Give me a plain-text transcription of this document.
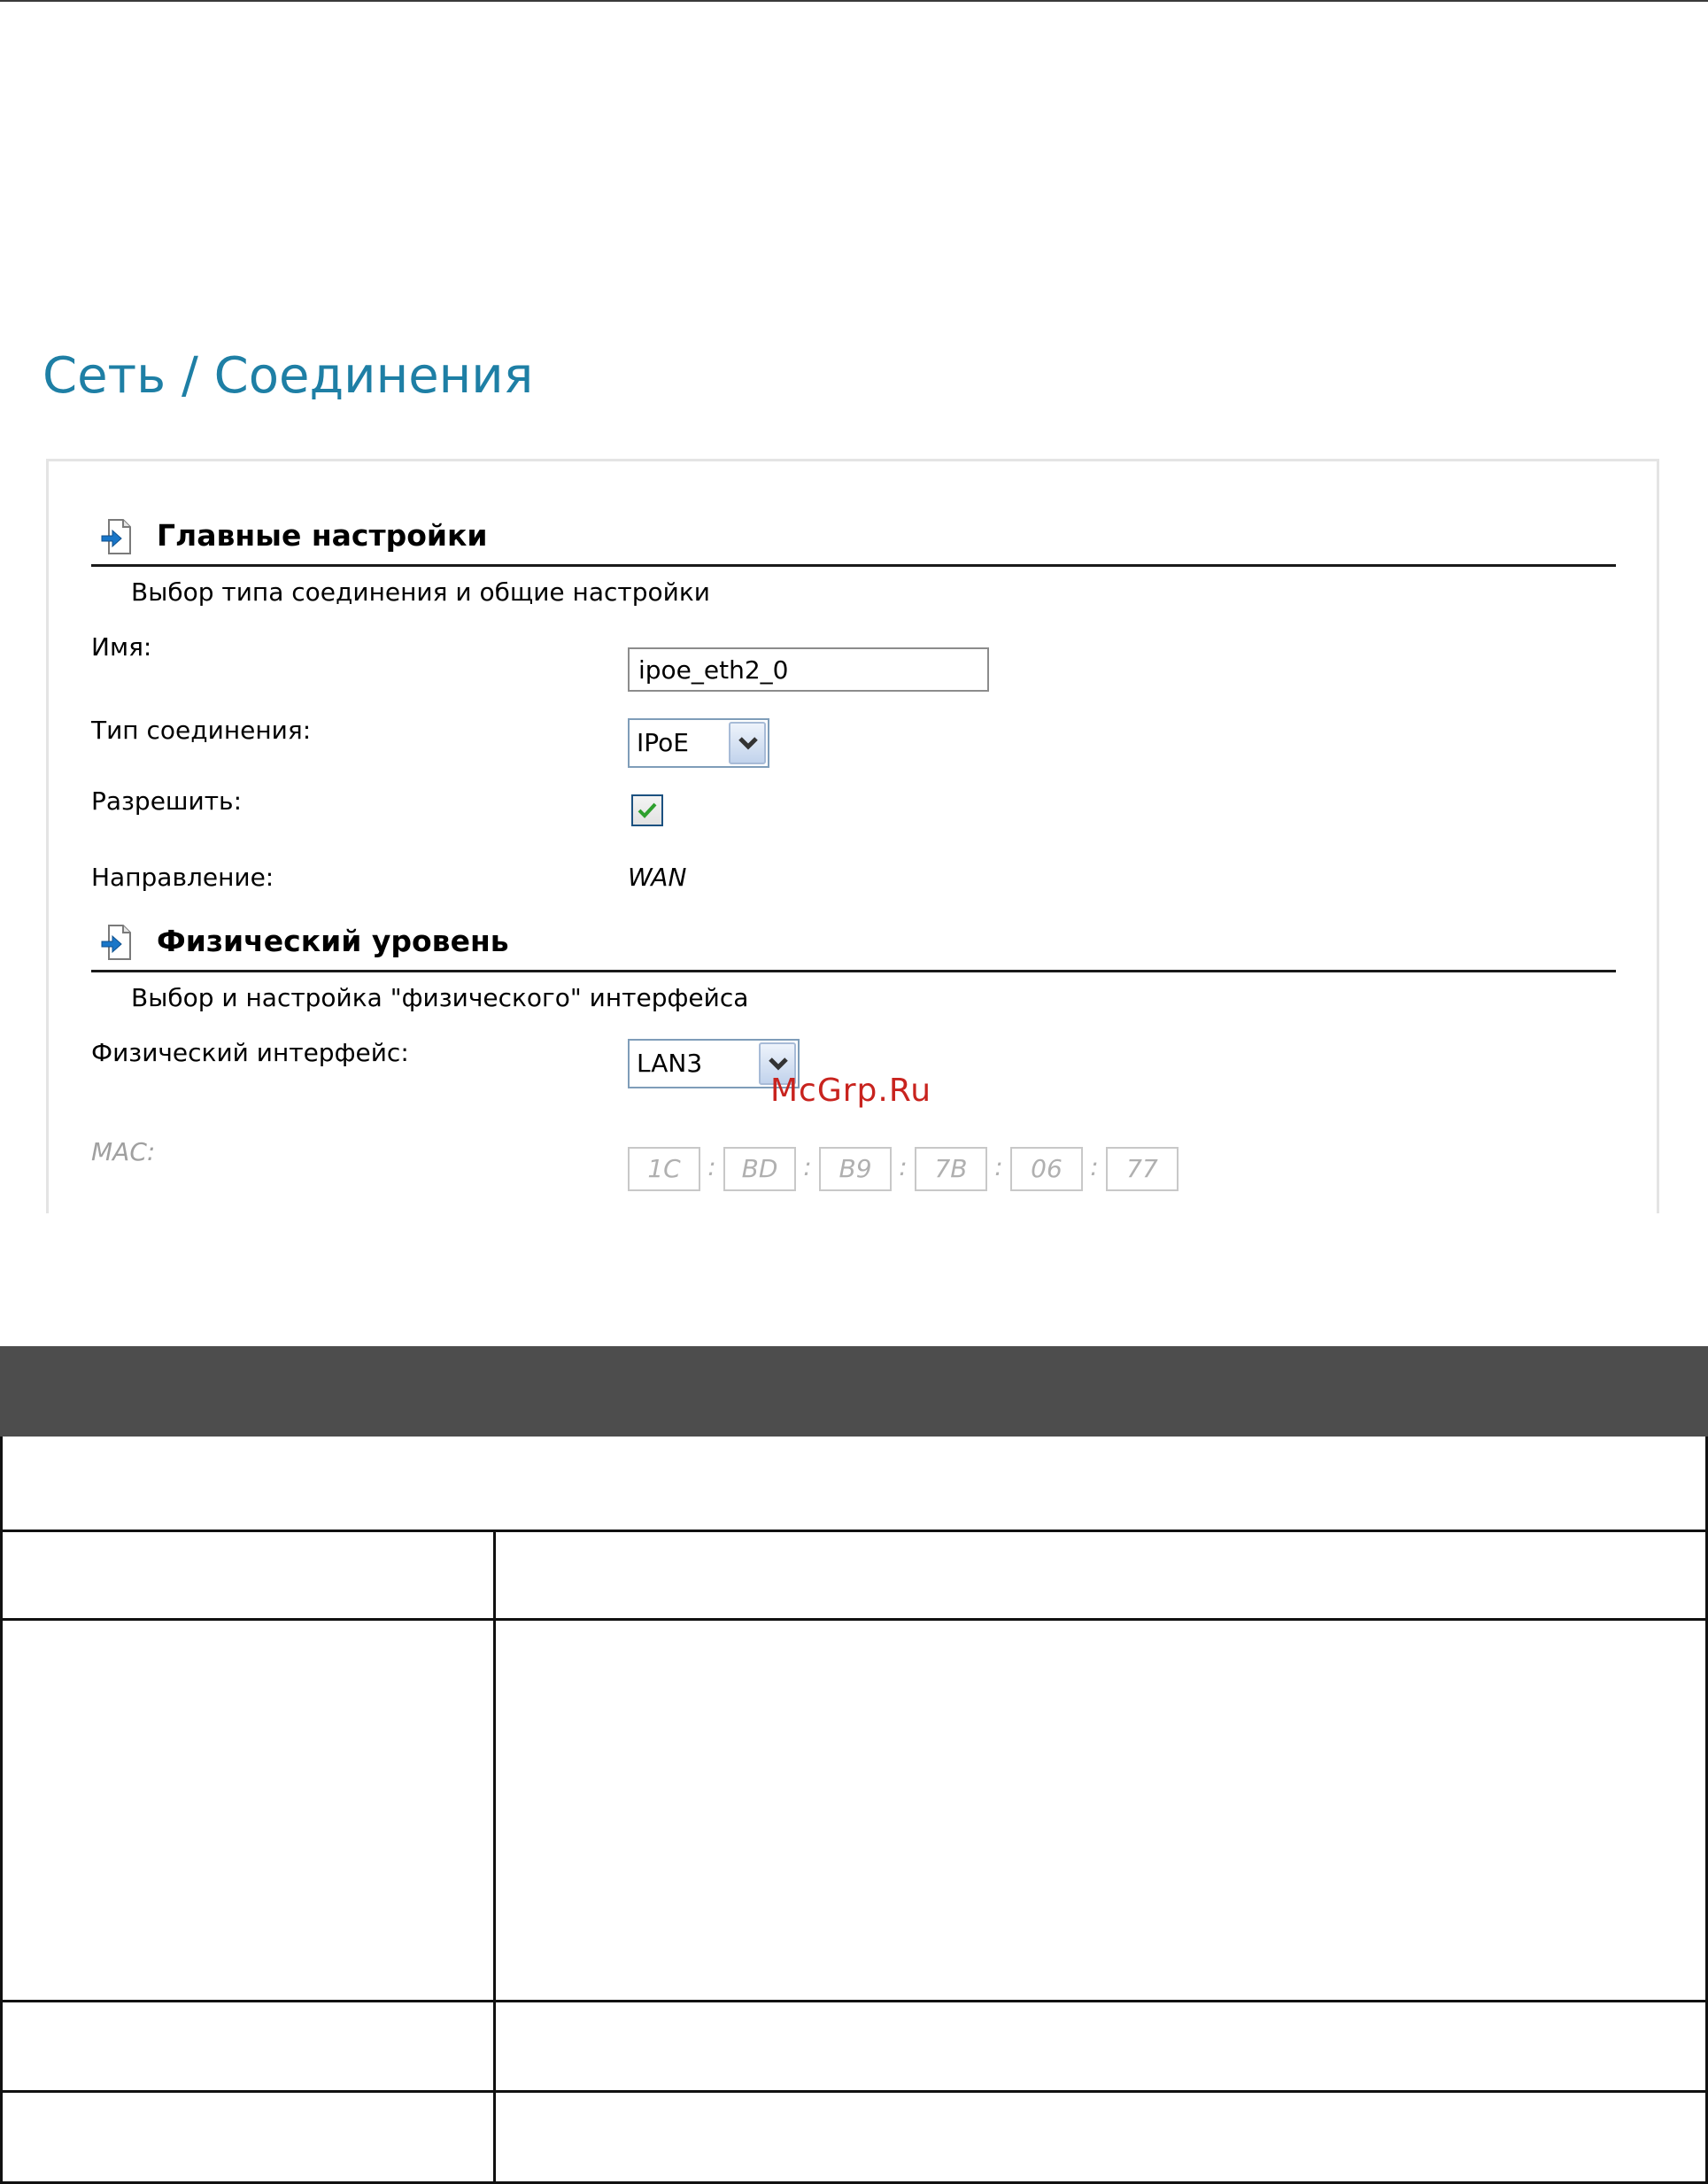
Сеть / Соединения
Главные настройки
Выбор типа соединения и общие настройки
Имя:
ipoe_eth2_0
Тип соединения:	IPoE
Разрешить:
Направление:	WAN
Физический уровень
Выбор и настройка "физического" интерфейса
Физический интерфейс:	LAN3
MAC:
1C	:	BD	:	B9	:	7B	:	06	:	77
McGrp.Ru
